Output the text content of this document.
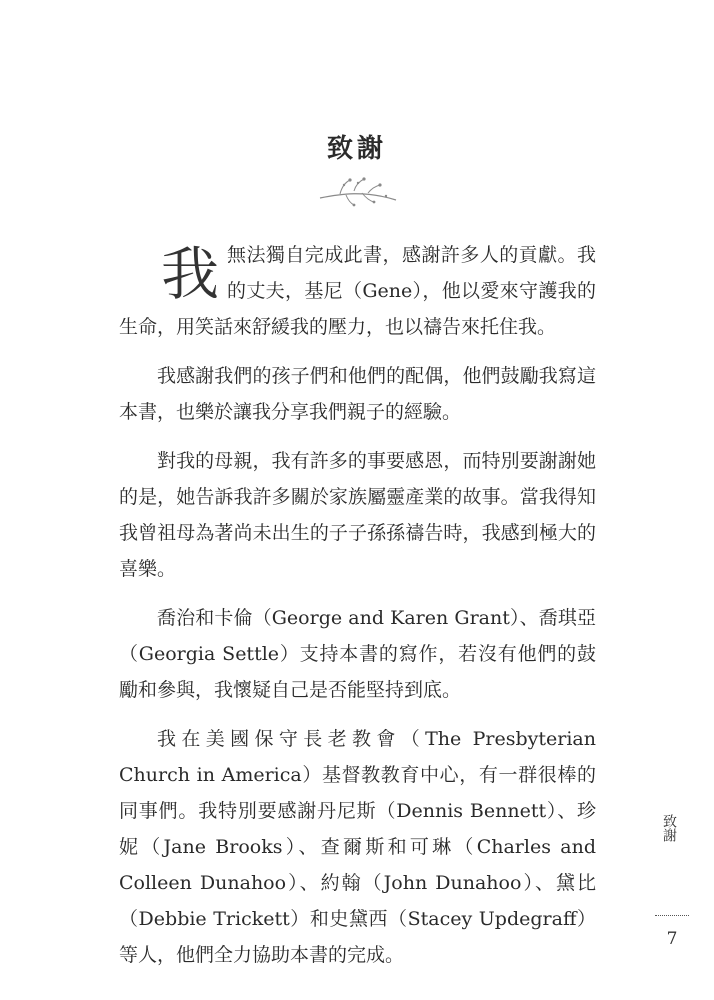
致謝

我無法獨自完成此書，感謝許多人的貢獻。我的丈夫，基尼（Gene），他以愛來守護我的生命，用笑話來舒緩我的壓力，也以禱告來托住我。

我感謝我們的孩子們和他們的配偶，他們鼓勵我寫這本書，也樂於讓我分享我們親子的經驗。

對我的母親，我有許多的事要感恩，而特別要謝謝她的是，她告訴我許多關於家族屬靈產業的故事。當我得知我曾祖母為著尚未出生的子子孫孫禱告時，我感到極大的喜樂。

喬治和卡倫（George and Karen Grant）、喬琪亞（Georgia Settle）支持本書的寫作，若沒有他們的鼓勵和參與，我懷疑自己是否能堅持到底。

我在美國保守長老教會（The Presbyterian Church in America）基督教教育中心，有一群很棒的同事們。我特別要感謝丹尼斯（Dennis Bennett）、珍妮（Jane Brooks）、查爾斯和可琳（Charles and Colleen Dunahoo）、約翰（John Dunahoo）、黛比（Debbie Trickett）和史黛西（Stacey Updegraff）等人，他們全力協助本書的完成。

致謝
7
